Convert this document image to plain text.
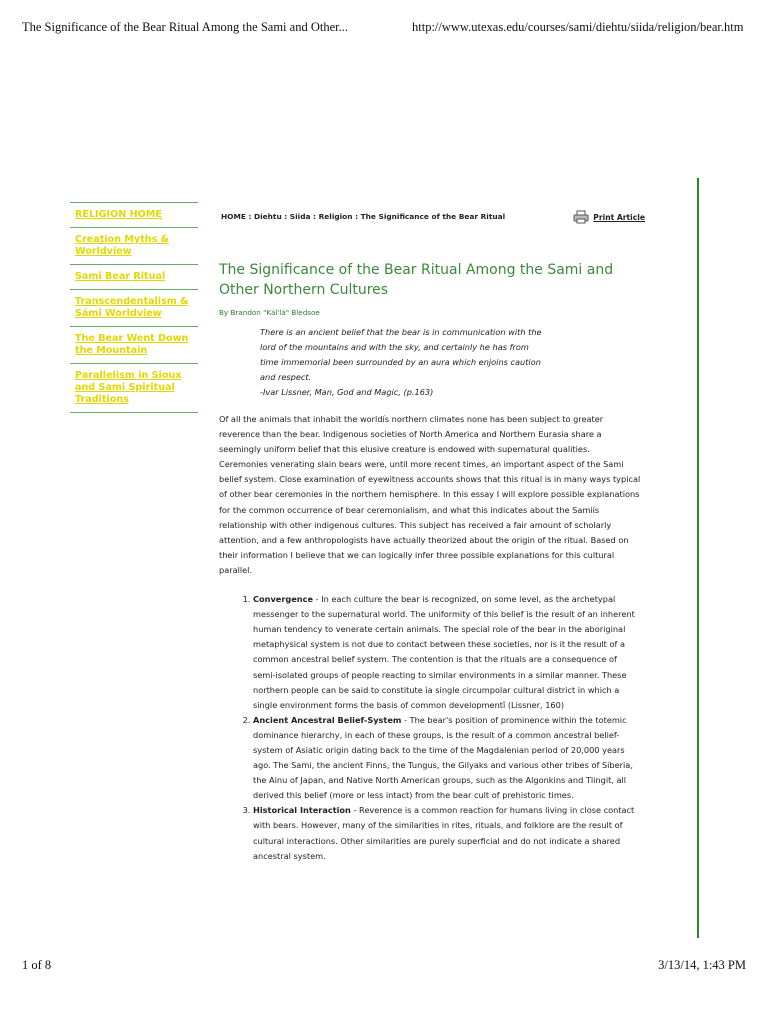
The Significance of the Bear Ritual Among the Sami and Other...	http://www.utexas.edu/courses/sami/diehtu/siida/religion/bear.htm
RELIGION HOME
Creation Myths & Worldview
Sami Bear Ritual
Transcendentalism & Sámi Worldview
The Bear Went Down the Mountain
Parallelism in Sioux and Sami Spiritual Traditions
HOME : Diehtu : Siida : Religion : The Significance of the Bear Ritual	Print Article
The Significance of the Bear Ritual Among the Sami and Other Northern Cultures
By Brandon "Kál'lá" Bledsoe
There is an ancient belief that the bear is in communication with the
lord of the mountains and with the sky, and certainly he has from
time immemorial been surrounded by an aura which enjoins caution
and respect.
-Ivar Lissner, Man, God and Magic, (p.163)

Of all the animals that inhabit the worldís northern climates none has been subject to greater reverence than the bear. Indigenous societies of North America and Northern Eurasia share a seemingly uniform belief that this elusive creature is endowed with supernatural qualities. Ceremonies venerating slain bears were, until more recent times, an important aspect of the Sami belief system. Close examination of eyewitness accounts shows that this ritual is in many ways typical of other bear ceremonies in the northern hemisphere. In this essay I will explore possible explanations for the common occurrence of bear ceremonialism, and what this indicates about the Samiís relationship with other indigenous cultures. This subject has received a fair amount of scholarly attention, and a few anthropologists have actually theorized about the origin of the ritual. Based on their information I believe that we can logically infer three possible explanations for this cultural parallel.

1. Convergence - In each culture the bear is recognized, on some level, as the archetypal messenger to the supernatural world. The uniformity of this belief is the result of an inherent human tendency to venerate certain animals. The special role of the bear in the aboriginal metaphysical system is not due to contact between these societies, nor is it the result of a common ancestral belief system. The contention is that the rituals are a consequence of semi-isolated groups of people reacting to similar environments in a similar manner. These northern people can be said to constitute ìa single circumpolar cultural district in which a single environment forms the basis of common developmentî (Lissner, 160)
2. Ancient Ancestral Belief-System - The bear's position of prominence within the totemic dominance hierarchy, in each of these groups, is the result of a common ancestral belief-system of Asiatic origin dating back to the time of the Magdalenian period of 20,000 years ago. The Sami, the ancient Finns, the Tungus, the Gilyaks and various other tribes of Siberia, the Ainu of Japan, and Native North American groups, such as the Algonkins and Tlingit, all derived this belief (more or less intact) from the bear cult of prehistoric times.
3. Historical Interaction - Reverence is a common reaction for humans living in close contact with bears. However, many of the similarities in rites, rituals, and folklore are the result of cultural interactions. Other similarities are purely superficial and do not indicate a shared ancestral system.
1 of 8	3/13/14, 1:43 PM
